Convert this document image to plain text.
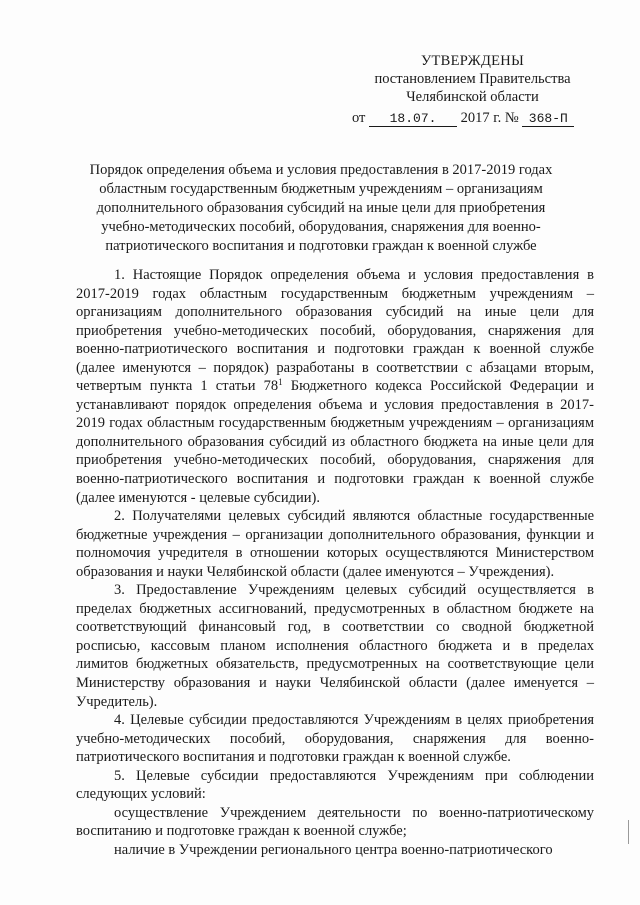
УТВЕРЖДЕНЫ
постановлением Правительства
Челябинской области
от 18.07. 2017 г. № 368-П
Порядок определения объема и условия предоставления в 2017-2019 годах областным государственным бюджетным учреждениям – организациям дополнительного образования субсидий на иные цели для приобретения учебно-методических пособий, оборудования, снаряжения для военно-патриотического воспитания и подготовки граждан к военной службе

1. Настоящие Порядок определения объема и условия предоставления в 2017-2019 годах областным государственным бюджетным учреждениям – организациям дополнительного образования субсидий на иные цели для приобретения учебно-методических пособий, оборудования, снаряжения для военно-патриотического воспитания и подготовки граждан к военной службе (далее именуются – порядок) разработаны в соответствии с абзацами вторым, четвертым пункта 1 статьи $78^1$ Бюджетного кодекса Российской Федерации и устанавливают порядок определения объема и условия предоставления в 2017-2019 годах областным государственным бюджетным учреждениям – организациям дополнительного образования субсидий из областного бюджета на иные цели для приобретения учебно-методических пособий, оборудования, снаряжения для военно-патриотического воспитания и подготовки граждан к военной службе (далее именуются - целевые субсидии).

2. Получателями целевых субсидий являются областные государственные бюджетные учреждения – организации дополнительного образования, функции и полномочия учредителя в отношении которых осуществляются Министерством образования и науки Челябинской области (далее именуются – Учреждения).

3. Предоставление Учреждениям целевых субсидий осуществляется в пределах бюджетных ассигнований, предусмотренных в областном бюджете на соответствующий финансовый год, в соответствии со сводной бюджетной росписью, кассовым планом исполнения областного бюджета и в пределах лимитов бюджетных обязательств, предусмотренных на соответствующие цели Министерству образования и науки Челябинской области (далее именуется – Учредитель).

4. Целевые субсидии предоставляются Учреждениям в целях приобретения учебно-методических пособий, оборудования, снаряжения для военно-патриотического воспитания и подготовки граждан к военной службе.

5. Целевые субсидии предоставляются Учреждениям при соблюдении следующих условий:

осуществление Учреждением деятельности по военно-патриотическому воспитанию и подготовке граждан к военной службе;

наличие в Учреждении регионального центра военно-патриотического
